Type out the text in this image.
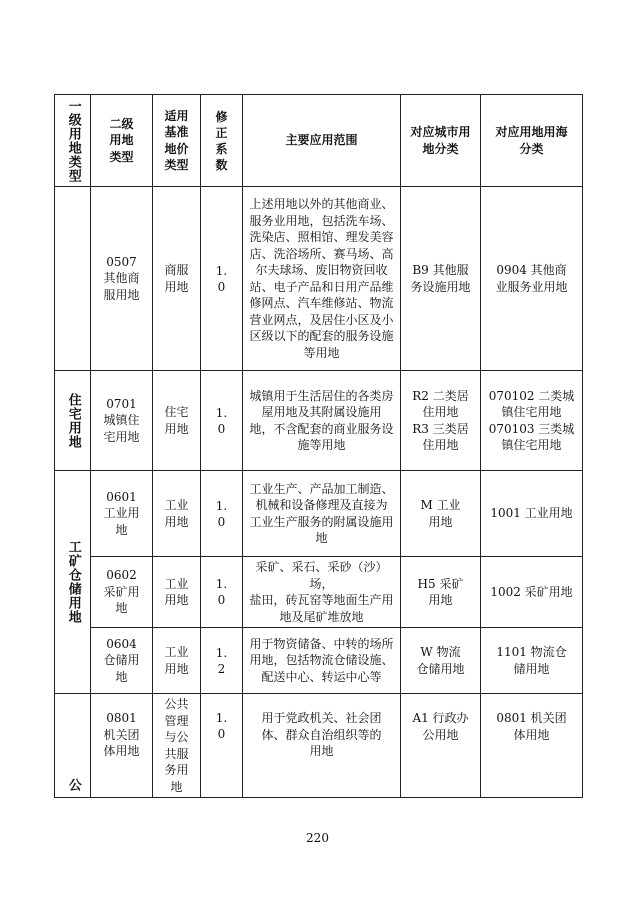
一级用地类型	二级用地类型	适用基准地价类型	修正系数	主要应用范围	对应城市用地分类	对应用地用海分类

	0507 其他商服用地	商服用地	1.0	上述用地以外的其他商业、服务业用地，包括洗车场、洗染店、照相馆、理发美容店、洗浴场所、赛马场、高尔夫球场、废旧物资回收 站、电子产品和日用产品维修网点、汽车维修站、物流营业网点，及居住小区及小
区级以下的配套的服务设施等用地	B9 其他服务设施用地	0904 其他商业服务业用地

住宅用地	0701 城镇住宅用地	住宅用地	1.0	城镇用于生活居住的各类房屋用地及其附属设施用
地，不含配套的商业服务设施等用地	R2 二类居住用地
R3 三类居住用地	070102 二类城镇住宅用地
070103 三类城镇住宅用地

工矿仓储用地	0601 工业用地	工业用地	1.0	工业生产、产品加工制造、机械和设备修理及直接为
工业生产服务的附属设施用地	M 工业用地	1001 工业用地

	0602 采矿用地	工业用地	1.0	采矿、采石、采砂（沙）场，
盐田，砖瓦窑等地面生产用地及尾矿堆放地	H5 采矿用地	1002 采矿用地

	0604 仓储用地	工业用地	1.2	用于物资储备、中转的场所用地，包括物流仓储设施、
配送中心、转运中心等	W 物流仓储用地	1101 物流仓储用地

公	0801 机关团体用地	公共管理与公共服务用地	1.0	用于党政机关、社会团体、群众自治组织等的用地	A1 行政办公用地	0801 机关团体用地
220
